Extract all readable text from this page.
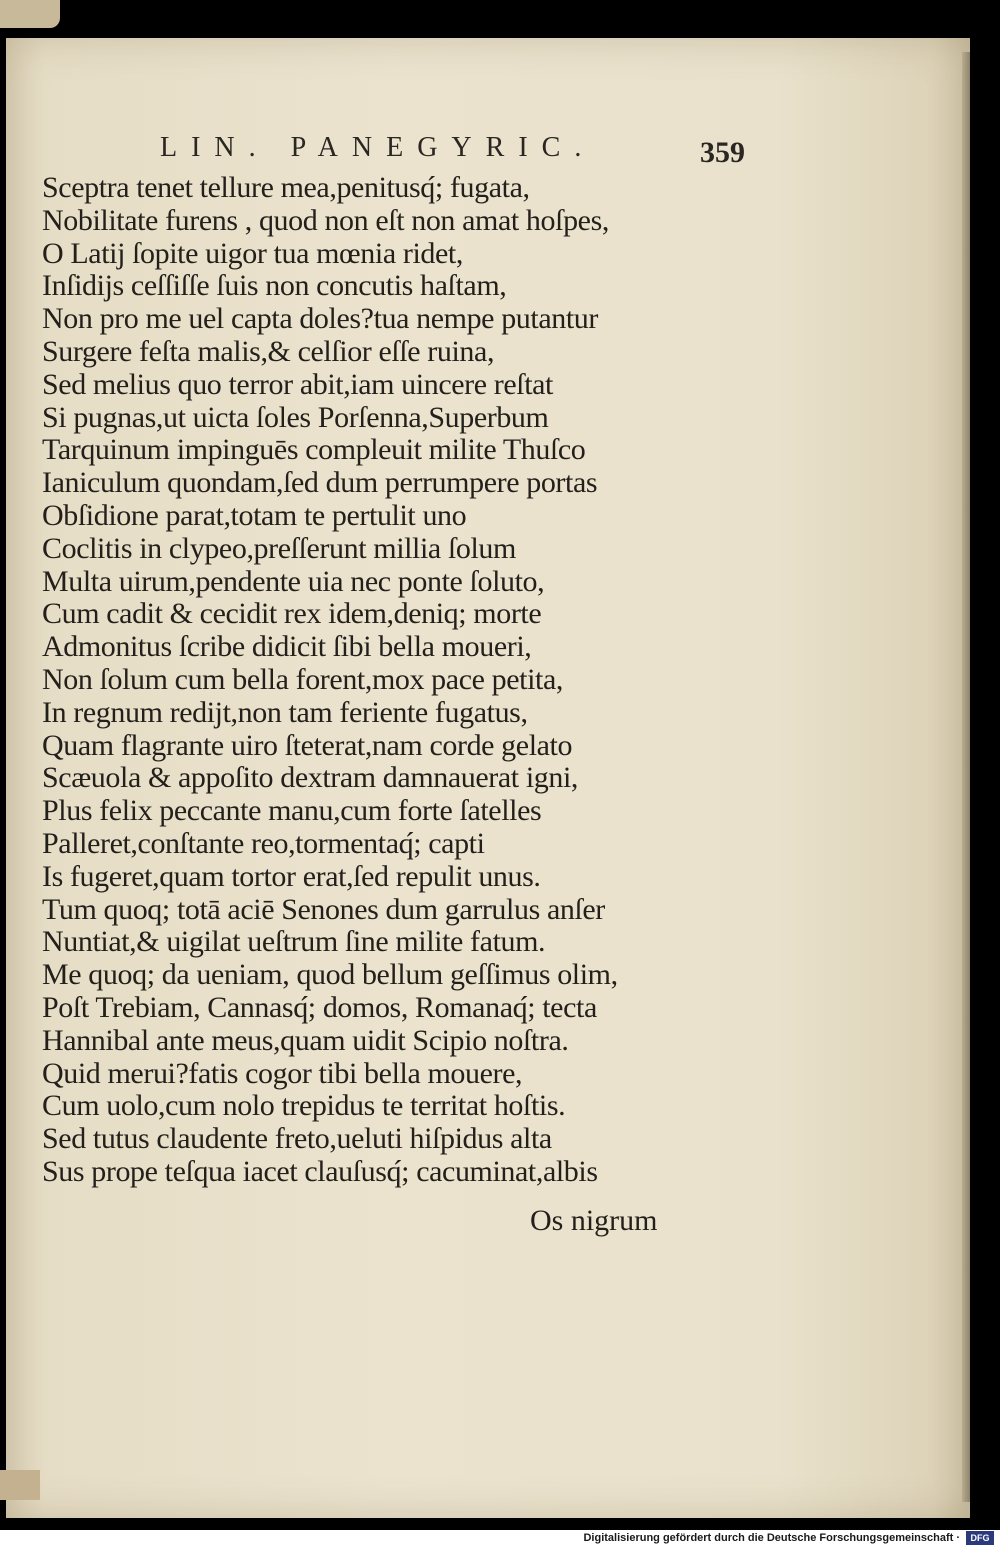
LIN. PANEGYRIC.	359
Sceptra tenet tellure mea,penitusq́; fugata,
Nobilitate furens , quod non eſt non amat hoſpes,
O Latij ſopite uigor tua mœnia ridet,
Inſidijs ceſſiſſe ſuis non concutis haſtam,
Non pro me uel capta doles?tua nempe putantur
Surgere feſta malis,& celſior eſſe ruina,
Sed melius quo terror abit,iam uincere reſtat
Si pugnas,ut uicta ſoles Porſenna,Superbum
Tarquinum impinguēs compleuit milite Thuſco
Ianiculum quondam,ſed dum perrumpere portas
Obſidione parat,totam te pertulit uno
Coclitis in clypeo,preſſerunt millia ſolum
Multa uirum,pendente uia nec ponte ſoluto,
Cum cadit & cecidit rex idem,deniq; morte
Admonitus ſcribe didicit ſibi bella moueri,
Non ſolum cum bella forent,mox pace petita,
In regnum redijt,non tam feriente fugatus,
Quam flagrante uiro ſteterat,nam corde gelato
Scæuola & appoſito dextram damnauerat igni,
Plus felix peccante manu,cum forte ſatelles
Palleret,conſtante reo,tormentaq́; capti
Is fugeret,quam tortor erat,ſed repulit unus.
Tum quoq; totā aciē Senones dum garrulus anſer
Nuntiat,& uigilat ueſtrum ſine milite fatum.
Me quoq; da ueniam, quod bellum geſſimus olim,
Poſt Trebiam, Cannasq́; domos, Romanaq́; tecta
Hannibal ante meus,quam uidit Scipio noſtra.
Quid merui?fatis cogor tibi bella mouere,
Cum uolo,cum nolo trepidus te territat hoſtis.
Sed tutus claudente freto,ueluti hiſpidus alta
Sus prope teſqua iacet clauſusq́; cacuminat,albis
Os nigrum
Digitalisierung gefördert durch die Deutsche Forschungsgemeinschaft ·	DFG
